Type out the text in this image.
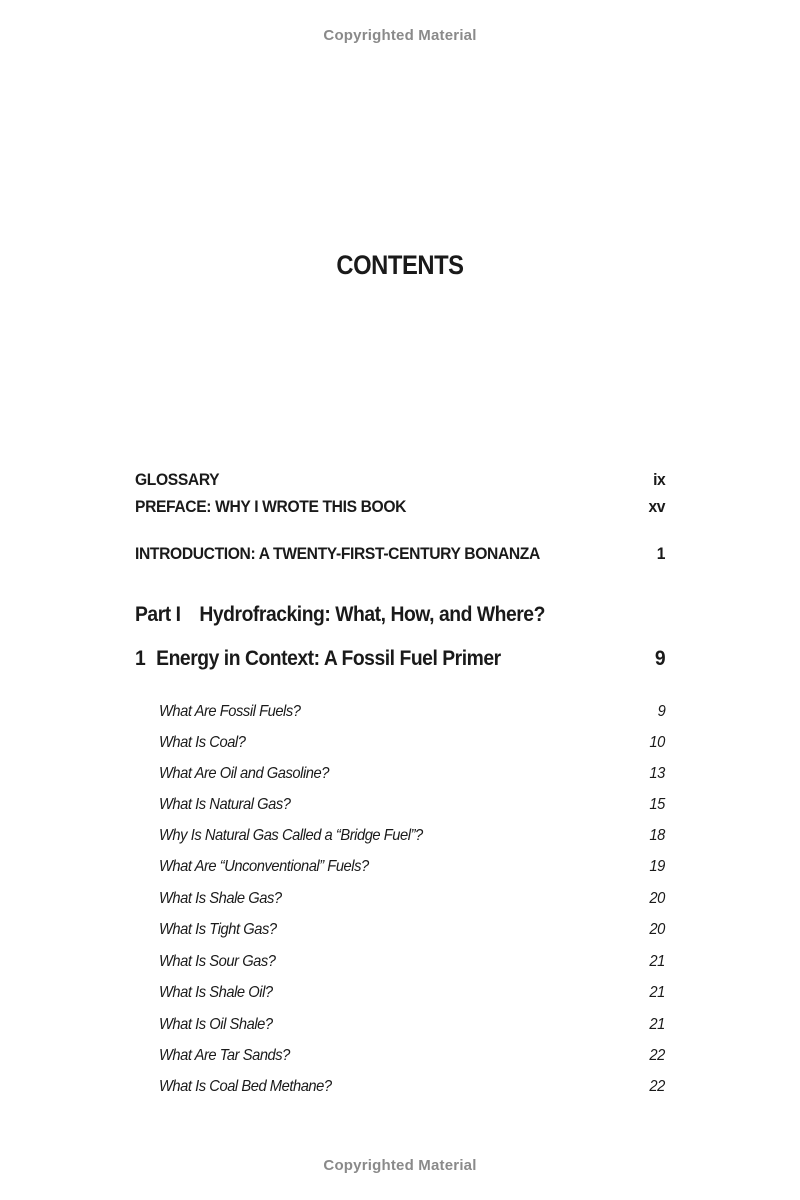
Copyrighted Material
CONTENTS
GLOSSARY	ix
PREFACE: WHY I WROTE THIS BOOK	xv
INTRODUCTION: A TWENTY-FIRST-CENTURY BONANZA	1
Part I Hydrofracking: What, How, and Where?
1 Energy in Context: A Fossil Fuel Primer	9
What Are Fossil Fuels?	9
What Is Coal?	10
What Are Oil and Gasoline?	13
What Is Natural Gas?	15
Why Is Natural Gas Called a “Bridge Fuel”?	18
What Are “Unconventional” Fuels?	19
What Is Shale Gas?	20
What Is Tight Gas?	20
What Is Sour Gas?	21
What Is Shale Oil?	21
What Is Oil Shale?	21
What Are Tar Sands?	22
What Is Coal Bed Methane?	22
Copyrighted Material
